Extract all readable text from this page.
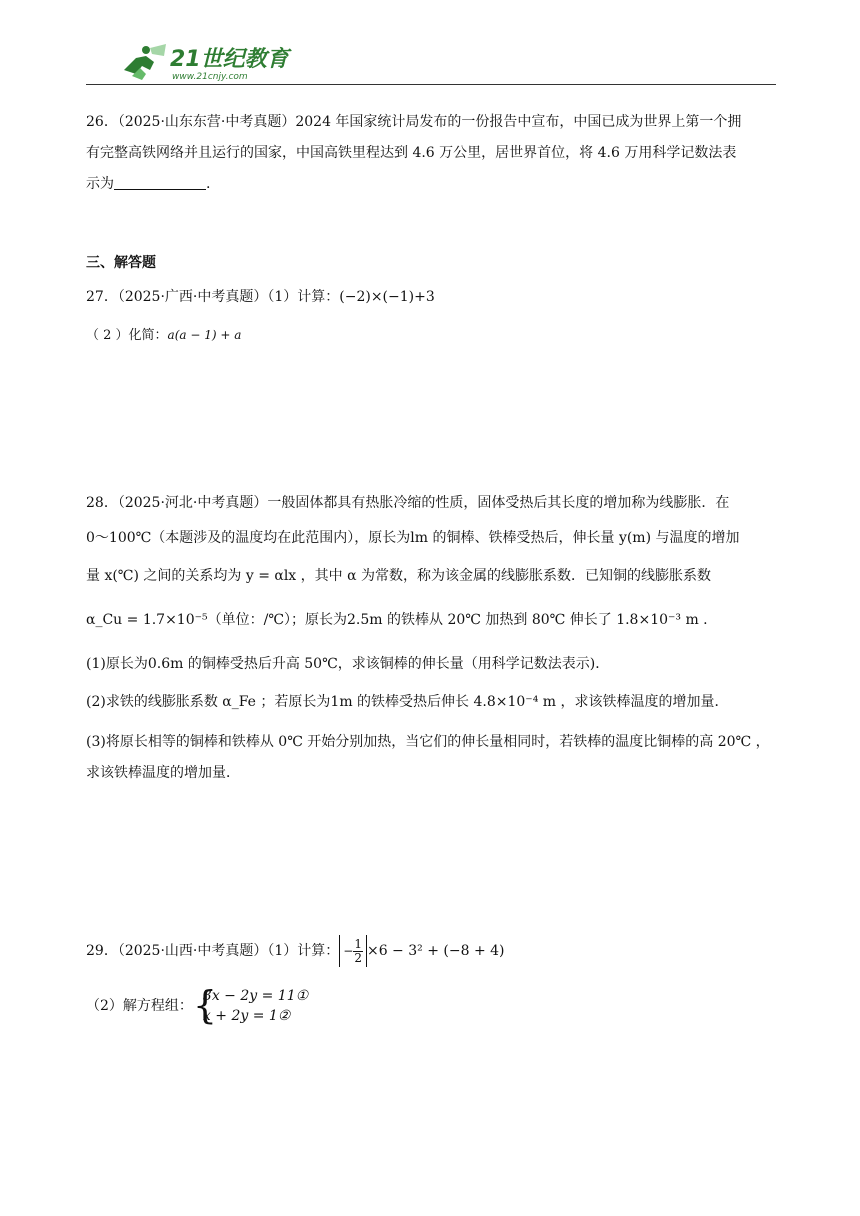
21世纪教育
www.21cnjy.com
26．（2025·山东东营·中考真题）2024 年国家统计局发布的一份报告中宣布，中国已成为世界上第一个拥
有完整高铁网络并且运行的国家，中国高铁里程达到 4.6 万公里，居世界首位，将 4.6 万用科学记数法表
示为	.
三、解答题
27．（2025·广西·中考真题）（1）计算：(−2)×(−1)+3
（ 2 ）化简：a(a − 1) + a
28．（2025·河北·中考真题）一般固体都具有热胀冷缩的性质，固体受热后其长度的增加称为线膨胀．在
0～100℃（本题涉及的温度均在此范围内），原长为lm 的铜棒、铁棒受热后，伸长量 y(m) 与温度的增加
量 x(℃) 之间的关系均为 y = αlx ，其中 α 为常数，称为该金属的线膨胀系数．已知铜的线膨胀系数
α_Cu = 1.7×10⁻⁵（单位：/℃）；原长为2.5m 的铁棒从 20℃ 加热到 80℃ 伸长了 1.8×10⁻³ m .
(1)原长为0.6m 的铜棒受热后升高 50℃，求该铜棒的伸长量（用科学记数法表示)．
(2)求铁的线膨胀系数 α_Fe ；若原长为1m 的铁棒受热后伸长 4.8×10⁻⁴ m ，求该铁棒温度的增加量．
(3)将原长相等的铜棒和铁棒从 0℃ 开始分别加热，当它们的伸长量相同时，若铁棒的温度比铜棒的高 20℃ ，
求该铁棒温度的增加量．
29．（2025·山西·中考真题）（1）计算： − $\frac{1}{2} \times 6 - 3^2 + (-8 + 4)$
（2）解方程组： {
3x − 2y = 11①
x + 2y = 1②
